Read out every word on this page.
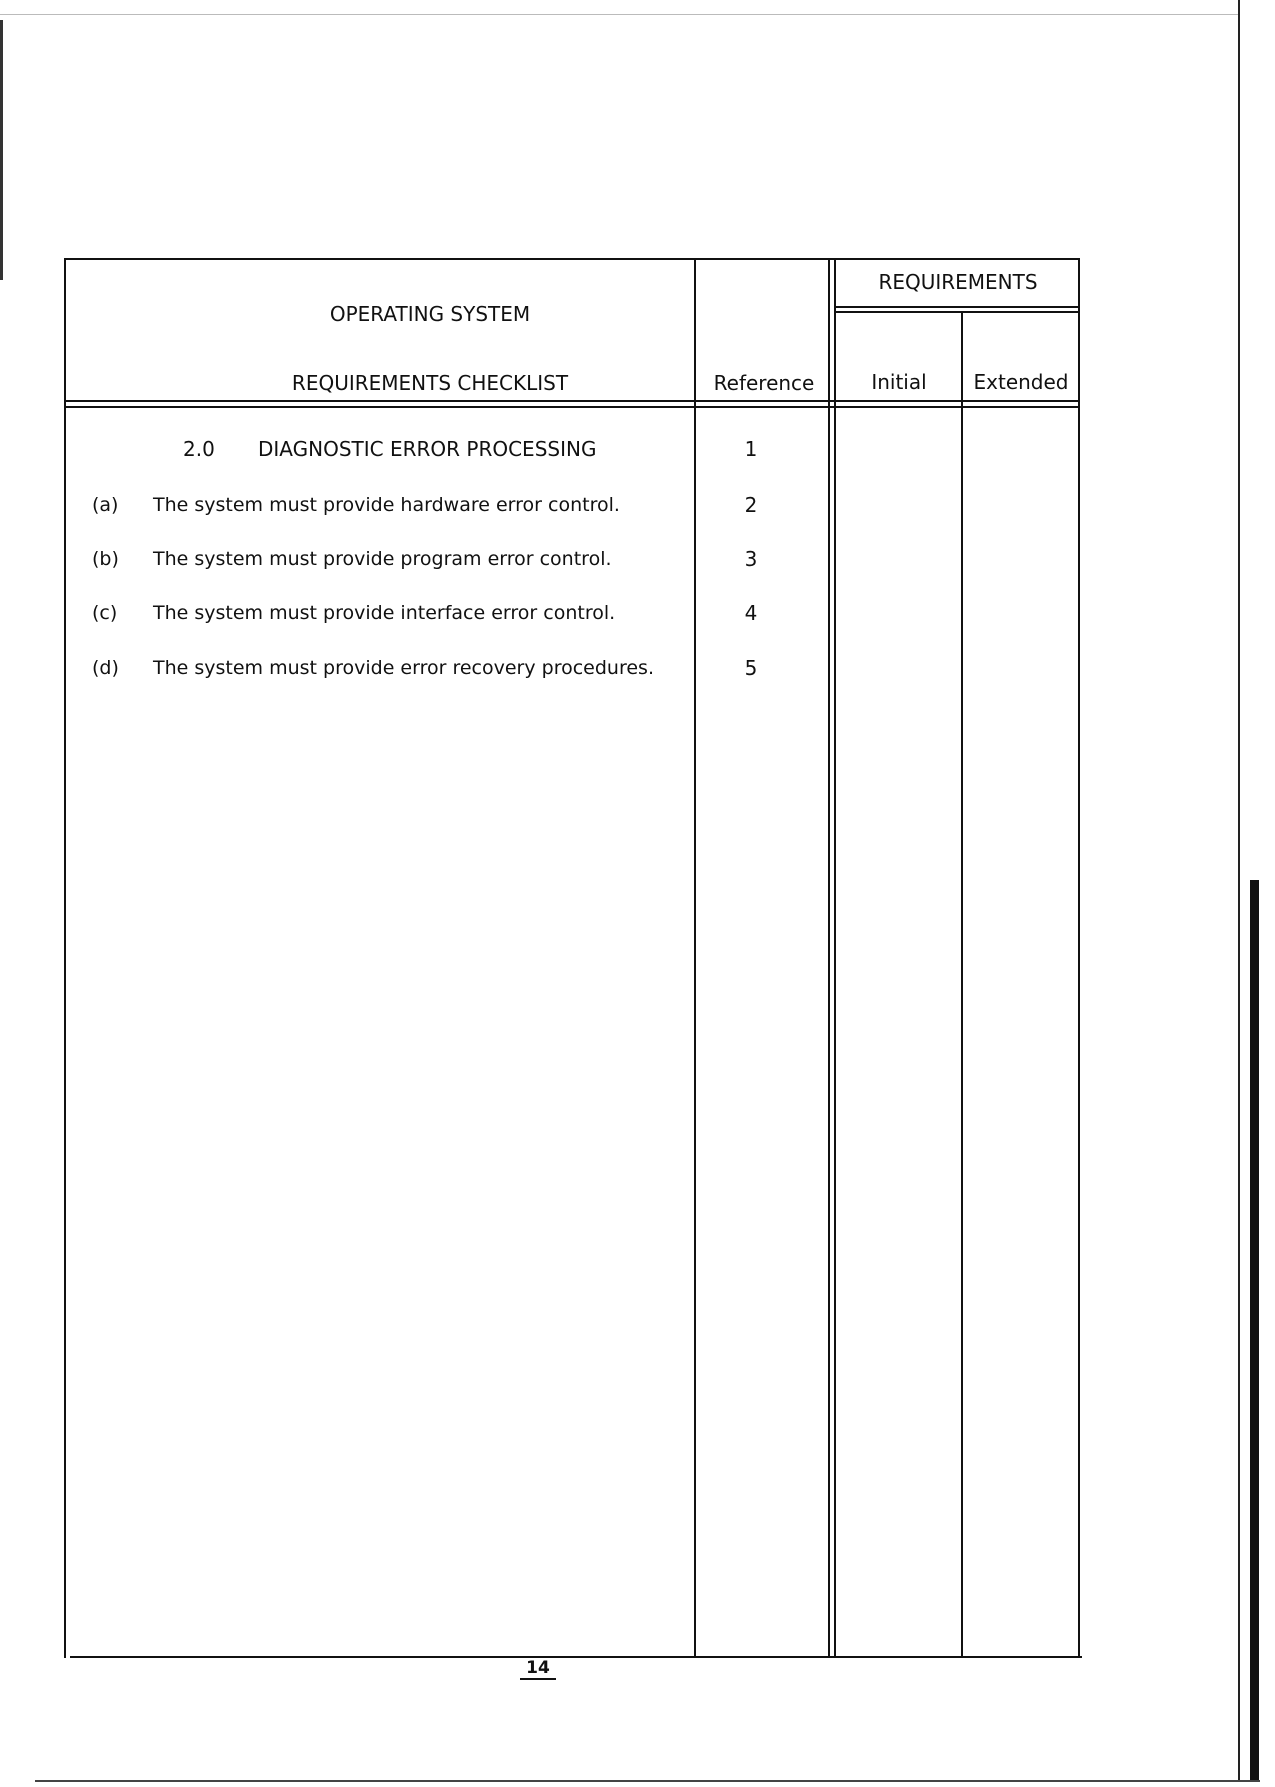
OPERATING SYSTEM
REQUIREMENTS CHECKLIST	Reference
REQUIREMENTS
Initial	Extended
2.0 DIAGNOSTIC ERROR PROCESSING	1
(a) The system must provide hardware error control.	2
(b) The system must provide program error control.	3
(c) The system must provide interface error control.	4
(d) The system must provide error recovery procedures.	5
14
